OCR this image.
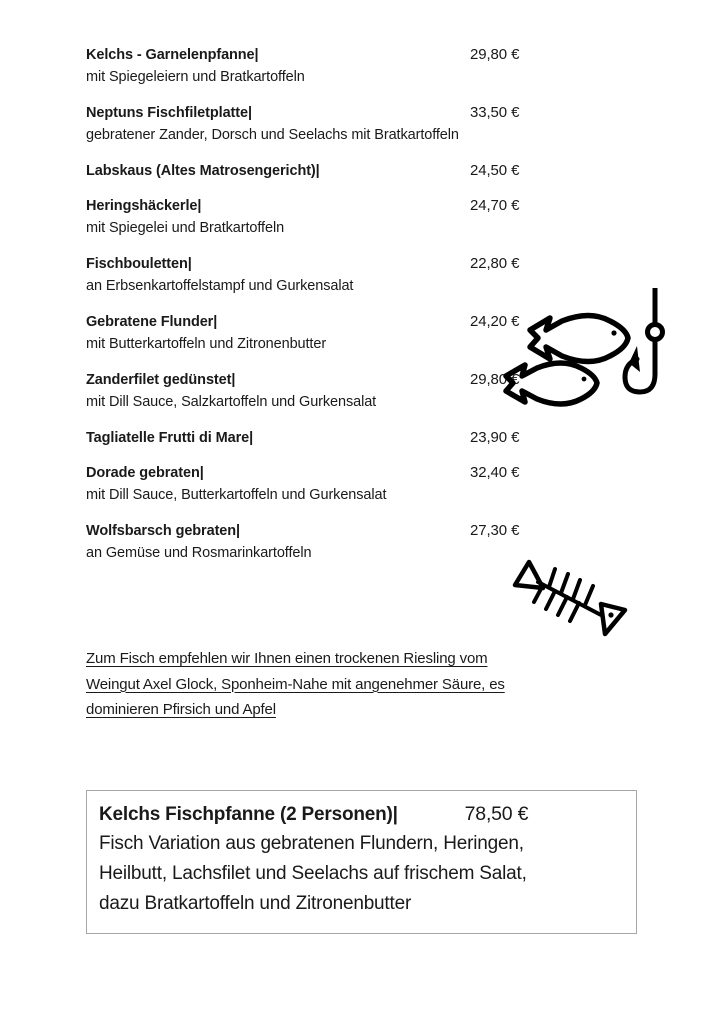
Kelchs - Garnelenpfanne|	29,80 €
mit Spiegeleiern und Bratkartoffeln
Neptuns Fischfiletplatte|	33,50 €
gebratener Zander, Dorsch und Seelachs mit Bratkartoffeln
Labskaus (Altes Matrosengericht)|	24,50 €
Heringshäckerle|	24,70 €
mit Spiegelei und Bratkartoffeln
Fischbouletten|	22,80 €
an Erbsenkartoffelstampf und Gurkensalat
Gebratene Flunder|	24,20 €
mit Butterkartoffeln und Zitronenbutter
Zanderfilet gedünstet|	29,80 €
mit Dill Sauce, Salzkartoffeln und Gurkensalat
Tagliatelle Frutti di Mare|	23,90 €
Dorade gebraten|	32,40 €
mit Dill Sauce, Butterkartoffeln und Gurkensalat
Wolfsbarsch gebraten|	27,30 €
an Gemüse und Rosmarinkartoffeln
Zum Fisch empfehlen wir Ihnen einen trockenen Riesling vom
Weingut Axel Glock, Sponheim-Nahe mit angenehmer Säure, es
dominieren Pfirsich und Apfel
Kelchs Fischpfanne (2 Personen)|	78,50 €
Fisch Variation aus gebratenen Flundern, Heringen,
Heilbutt, Lachsfilet und Seelachs auf frischem Salat,
dazu Bratkartoffeln und Zitronenbutter
